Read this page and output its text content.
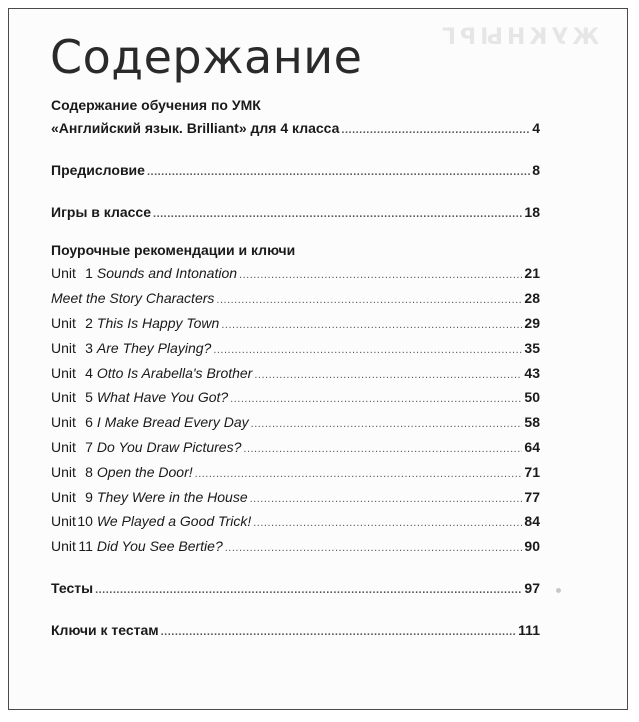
ЖУКНЫРГ
Содержание
Содержание обучения по УМК
«Английский язык. Brilliant» для 4 класса .....	4
Предисловие .....	8
Игры в классе .....	18
Поурочные рекомендации и ключи
Unit 1 Sounds and Intonation .....	21
Meet the Story Characters .....	28
Unit 2 This Is Happy Town .....	29
Unit 3 Are They Playing? .....	35
Unit 4 Otto Is Arabella's Brother .....	43
Unit 5 What Have You Got? .....	50
Unit 6 I Make Bread Every Day .....	58
Unit 7 Do You Draw Pictures? .....	64
Unit 8 Open the Door! .....	71
Unit 9 They Were in the House .....	77
Unit10 We Played a Good Trick! .....	84
Unit 11 Did You See Bertie? .....	90
Тесты .....	97
Ключи к тестам .....	111
